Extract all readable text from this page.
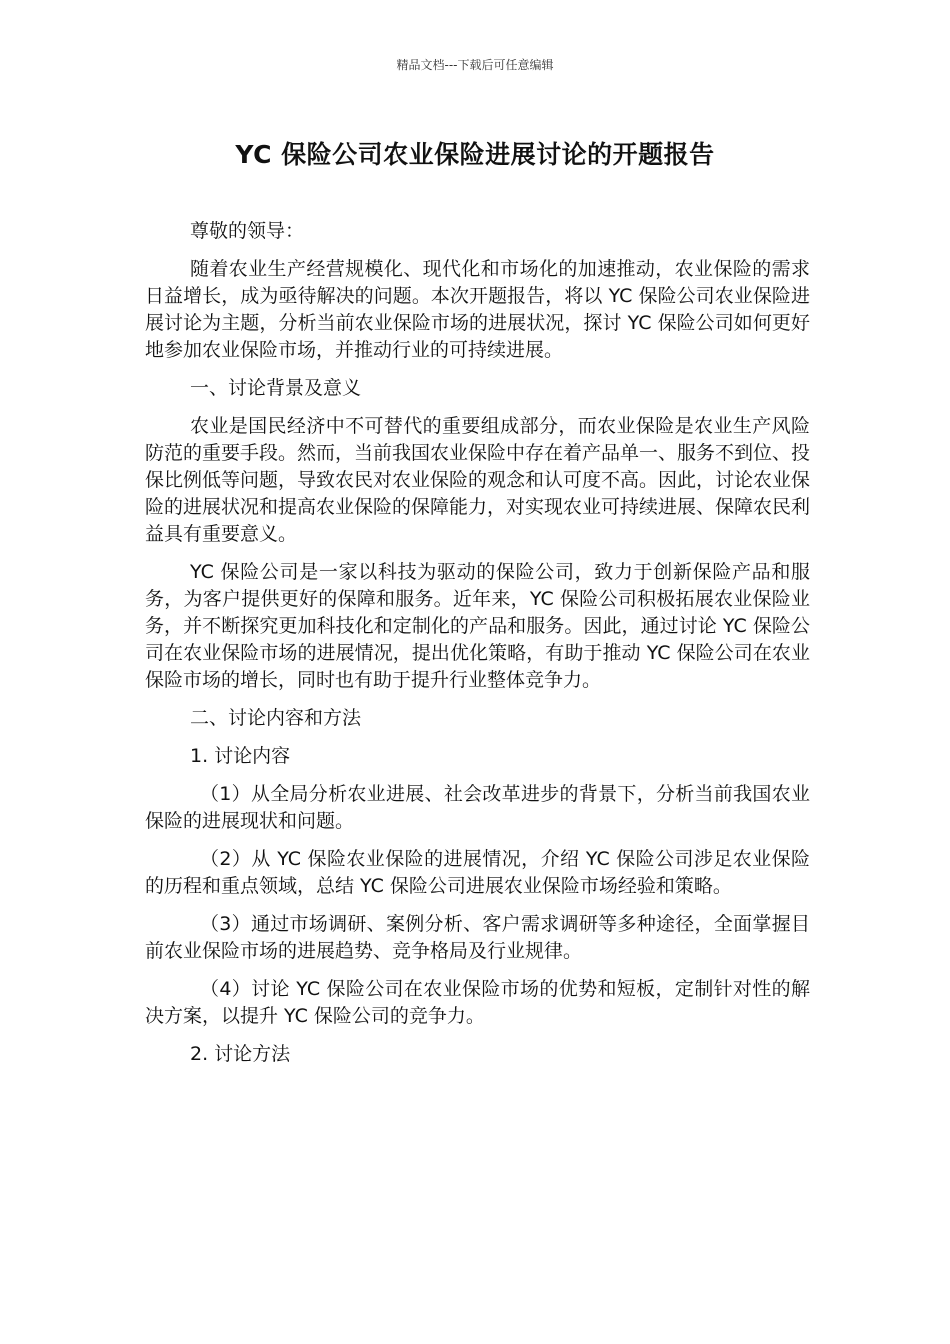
精品文档---下载后可任意编辑
YC 保险公司农业保险进展讨论的开题报告

尊敬的领导：

随着农业生产经营规模化、现代化和市场化的加速推动，农业保险的需求日益增长，成为亟待解决的问题。本次开题报告，将以 YC 保险公司农业保险进展讨论为主题，分析当前农业保险市场的进展状况，探讨 YC 保险公司如何更好地参加农业保险市场，并推动行业的可持续进展。

一、讨论背景及意义

农业是国民经济中不可替代的重要组成部分，而农业保险是农业生产风险防范的重要手段。然而，当前我国农业保险中存在着产品单一、服务不到位、投保比例低等问题，导致农民对农业保险的观念和认可度不高。因此，讨论农业保险的进展状况和提高农业保险的保障能力，对实现农业可持续进展、保障农民利益具有重要意义。

YC 保险公司是一家以科技为驱动的保险公司，致力于创新保险产品和服务，为客户提供更好的保障和服务。近年来，YC 保险公司积极拓展农业保险业务，并不断探究更加科技化和定制化的产品和服务。因此，通过讨论 YC 保险公司在农业保险市场的进展情况，提出优化策略，有助于推动 YC 保险公司在农业保险市场的增长，同时也有助于提升行业整体竞争力。

二、讨论内容和方法

1. 讨论内容

（1）从全局分析农业进展、社会改革进步的背景下，分析当前我国农业保险的进展现状和问题。

（2）从 YC 保险农业保险的进展情况，介绍 YC 保险公司涉足农业保险的历程和重点领域，总结 YC 保险公司进展农业保险市场经验和策略。

（3）通过市场调研、案例分析、客户需求调研等多种途径，全面掌握目前农业保险市场的进展趋势、竞争格局及行业规律。

（4）讨论 YC 保险公司在农业保险市场的优势和短板，定制针对性的解决方案，以提升 YC 保险公司的竞争力。

2. 讨论方法
